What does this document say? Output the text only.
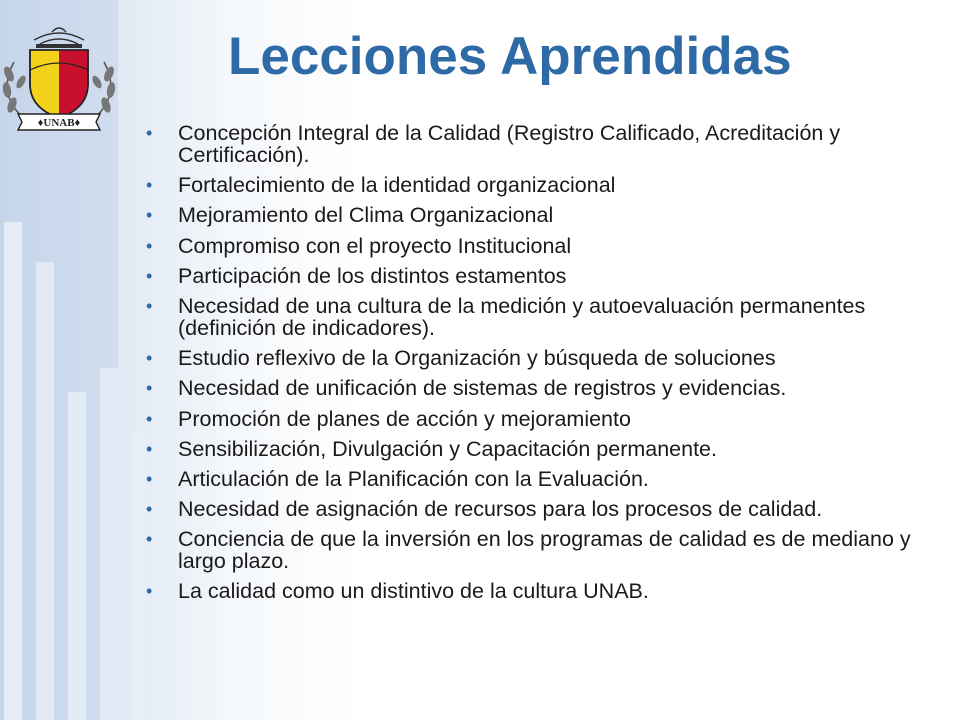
♦UNAB♦
Lecciones Aprendidas
• Concepción Integral de la Calidad (Registro Calificado, Acreditación y Certificación).
• Fortalecimiento de la identidad organizacional
• Mejoramiento del Clima Organizacional
• Compromiso con el proyecto Institucional
• Participación de los distintos estamentos
• Necesidad de una cultura de la medición y autoevaluación permanentes (definición de indicadores).
• Estudio reflexivo de la Organización y búsqueda de soluciones
• Necesidad de unificación de sistemas de registros y evidencias.
• Promoción de planes de acción y mejoramiento
• Sensibilización, Divulgación y Capacitación permanente.
• Articulación de la Planificación con la Evaluación.
• Necesidad de asignación de recursos para los procesos de calidad.
• Conciencia de que la inversión en los programas de calidad es de mediano y largo plazo.
• La calidad como un distintivo de la cultura UNAB.
